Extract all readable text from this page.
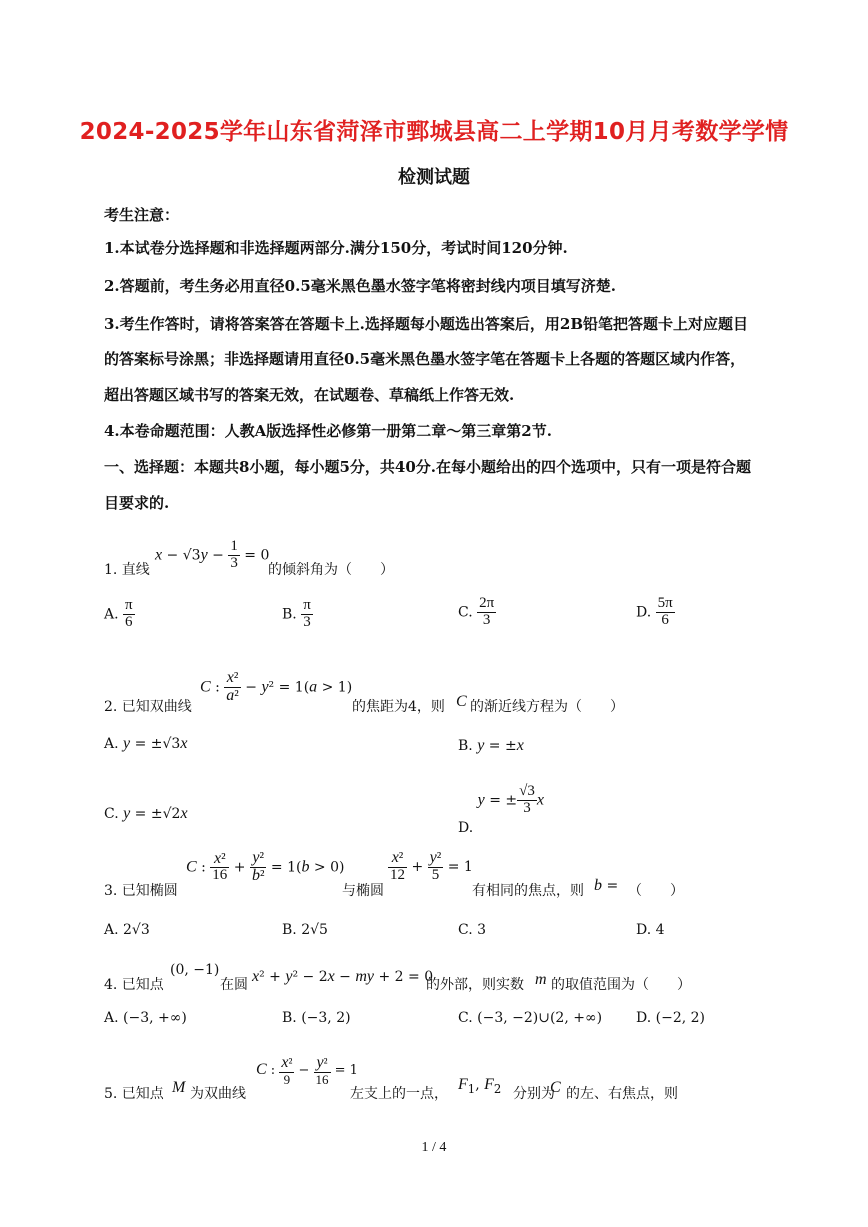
2024-2025学年山东省菏泽市鄄城县高二上学期10月月考数学学情
检测试题
考生注意：
1.本试卷分选择题和非选择题两部分.满分150分，考试时间120分钟.
2.答题前，考生务必用直径0.5毫米黑色墨水签字笔将密封线内项目填写济楚.
3.考生作答时，请将答案答在答题卡上.选择题每小题选出答案后，用2B铅笔把答题卡上对应题目
的答案标号涂黑；非选择题请用直径0.5毫米黑色墨水签字笔在答题卡上各题的答题区域内作答，
超出答题区域书写的答案无效，在试题卷、草稿纸上作答无效.
4.本卷命题范围：人教A版选择性必修第一册第二章～第三章第2节.
一、选择题：本题共8小题，每小题5分，共40分.在每小题给出的四个选项中，只有一项是符合题
目要求的.
1. 直线
$x - √3y - \frac{1}{3} = 0$
的倾斜角为（　　）
A. $\frac{\pi}{6}$	B. $\frac{\pi}{3}$	C. $\frac{2\pi}{3}$	D. $\frac{5\pi}{6}$
2. 已知双曲线
C : $\frac{\text{x²}}{\text{a²}} - y^2 = 1(a > 1)$
的焦距为4，则 C 的渐近线方程为（　　）
A. y = ±√3x	B. y = ±x
C. y = ±√2x
D. y = ± $\frac{√3}{3}$ x
3. 已知椭圆
C : $\frac{\text{x²}}{16} + \frac{\text{y²}}{\text{b²}} = 1(b > 0)$
与椭圆
$\frac{\text{x²}}{12} + \frac{\text{y²}}{5} = 1$
有相同的焦点，则 b = （　　）
A. 2√3	B. 2√5	C. 3	D. 4
4. 已知点
(0, −1)
在圆 x² + y² − 2x − my + 2 = 0
的外部，则实数 m 的取值范围为（　　）
A. (−3, +∞)	B. (−3, 2)	C. (−3, −2)∪(2, +∞) D. (−2, 2)
5. 已知点 M 为双曲线
C : $\frac{\text{x²}}{9} - \frac{\text{y²}}{16} = 1$
左支上的一点，
$F_1$, $F_2$ 分别为
C 的左、右焦点，则
1 / 4
